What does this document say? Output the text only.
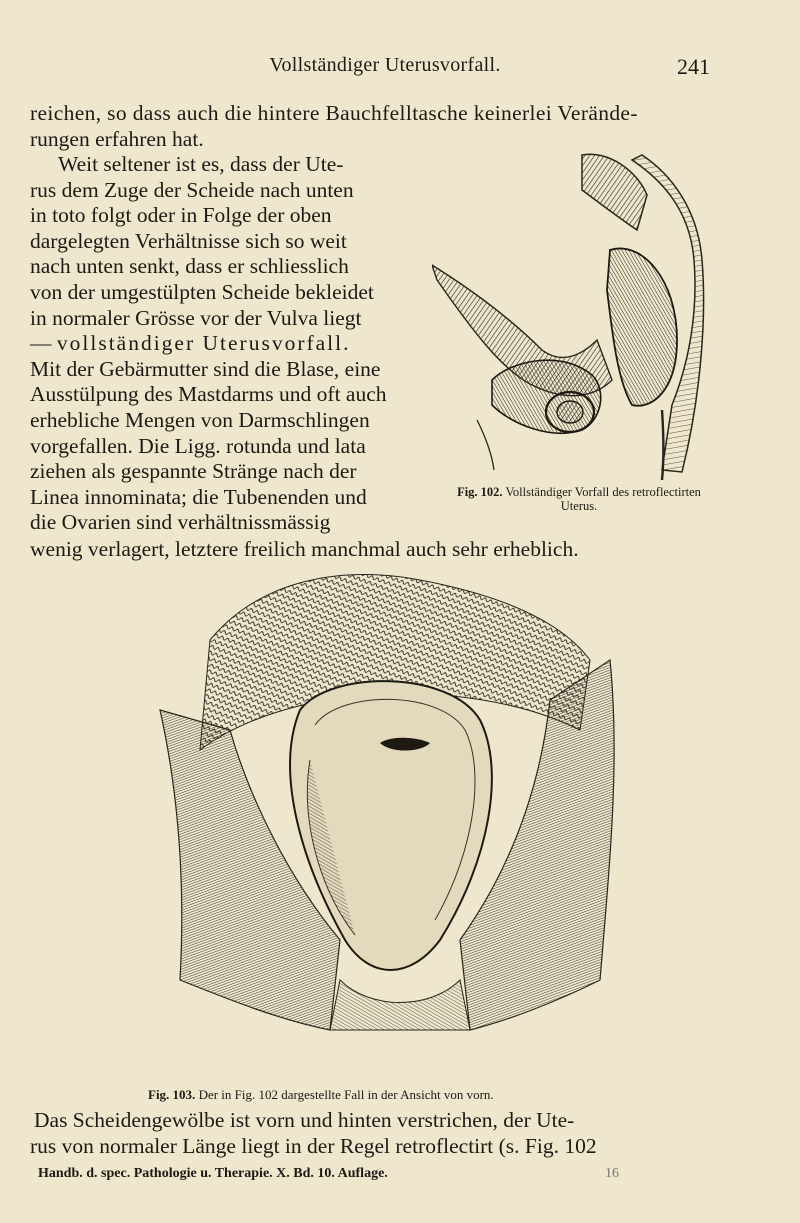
Vollständiger Uterusvorfall.	241
reichen, so dass auch die hintere Bauchfelltasche keinerlei Verände-
rungen erfahren hat.
Weit seltener ist es, dass der Ute-
rus dem Zuge der Scheide nach unten
in toto folgt oder in Folge der oben
dargelegten Verhältnisse sich so weit
nach unten senkt, dass er schliesslich
von der umgestülpten Scheide bekleidet
in normaler Grösse vor der Vulva liegt
— vollständiger Uterusvorfall.
Mit der Gebärmutter sind die Blase, eine
Ausstülpung des Mastdarms und oft auch
erhebliche Mengen von Darmschlingen
vorgefallen. Die Ligg. rotunda und lata
ziehen als gespannte Stränge nach der
Linea innominata; die Tubenenden und
die Ovarien sind verhältnissmässig
wenig verlagert, letztere freilich manchmal auch sehr erheblich.
Fig. 102. Vollständiger Vorfall des retroflectirten Uterus.
Fig. 103. Der in Fig. 102 dargestellte Fall in der Ansicht von vorn.
Das Scheidengewölbe ist vorn und hinten verstrichen, der Ute-
rus von normaler Länge liegt in der Regel retroflectirt (s. Fig. 102
Handb. d. spec. Pathologie u. Therapie. X. Bd. 10. Auflage.	16
